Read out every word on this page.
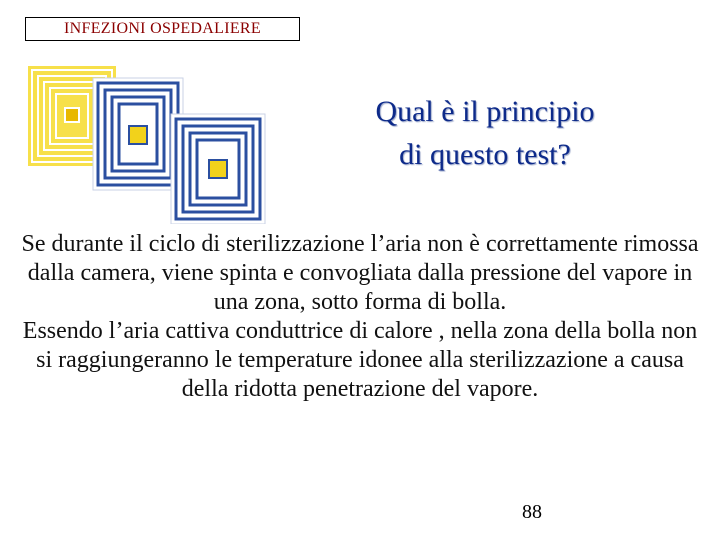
INFEZIONI OSPEDALIERE
Qual è il principio
di questo test?
Se durante il ciclo di sterilizzazione l’aria non è correttamente rimossa dalla camera, viene spinta e convogliata dalla pressione del vapore in una zona, sotto forma di bolla.
Essendo l’aria cattiva conduttrice di calore , nella zona della bolla non si raggiungeranno le temperature idonee alla sterilizzazione a causa della ridotta penetrazione del vapore.
88
